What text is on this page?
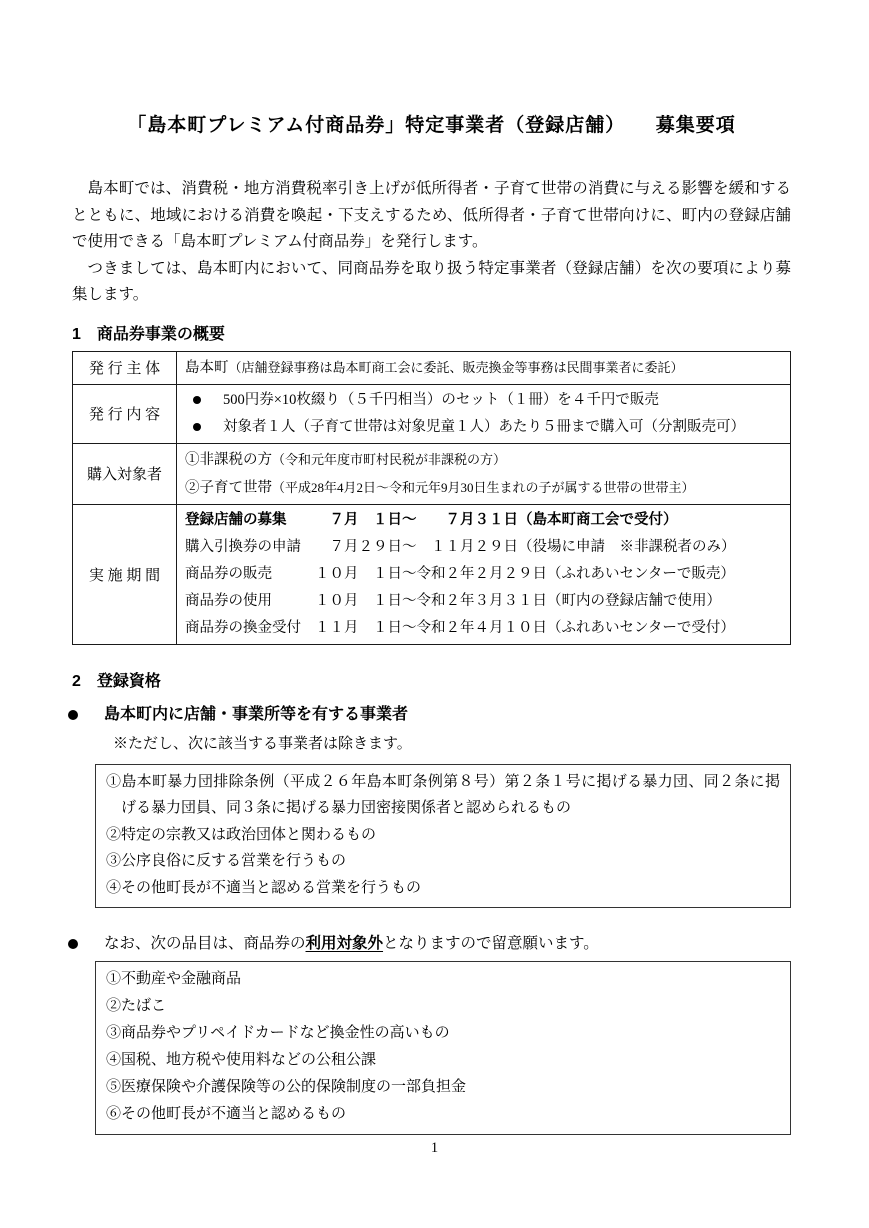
「島本町プレミアム付商品券」特定事業者（登録店舗）　　募集要項

島本町では、消費税・地方消費税率引き上げが低所得者・子育て世帯の消費に与える影響を緩和するとともに、地域における消費を喚起・下支えするため、低所得者・子育て世帯向けに、町内の登録店舗で使用できる「島本町プレミアム付商品券」を発行します。

つきましては、島本町内において、同商品券を取り扱う特定事業者（登録店舗）を次の要項により募集します。

1　商品券事業の概要
発 行 主 体	島本町（店舗登録事務は島本町商工会に委託、販売換金等事務は民間事業者に委託）
発 行 内 容	500円券×10枚綴り（５千円相当）のセット（１冊）を４千円で販売
対象者１人（子育て世帯は対象児童１人）あたり５冊まで購入可（分割販売可）

購入対象者	①非課税の方（令和元年度市町村民税が非課税の方）
②子育て世帯（平成28年4月2日～令和元年9月30日生まれの子が属する世帯の世帯主）

実 施 期 間	
登録店舗の募集	　７月　１日～　　７月３１日（島本町商工会で受付）
購入引換券の申請 　７月２９日～　１１月２９日（役場に申請　※非課税者のみ）
商品券の販売	１０月　１日～令和２年２月２９日（ふれあいセンターで販売）
商品券の使用	１０月　１日～令和２年３月３１日（町内の登録店舗で使用）
商品券の換金受付 １１月　１日～令和２年４月１０日（ふれあいセンターで受付）
2　登録資格
島本町内に店舗・事業所等を有する事業者
※ただし、次に該当する事業者は除きます。
①島本町暴力団排除条例（平成２６年島本町条例第８号）第２条１号に掲げる暴力団、同２条に掲げる暴力団員、同３条に掲げる暴力団密接関係者と認められるもの
②特定の宗教又は政治団体と関わるもの
③公序良俗に反する営業を行うもの
④その他町長が不適当と認める営業を行うもの
なお、次の品目は、商品券の利用対象外となりますので留意願います。
①不動産や金融商品
②たばこ
③商品券やプリペイドカードなど換金性の高いもの
④国税、地方税や使用料などの公租公課
⑤医療保険や介護保険等の公的保険制度の一部負担金
⑥その他町長が不適当と認めるもの
1
